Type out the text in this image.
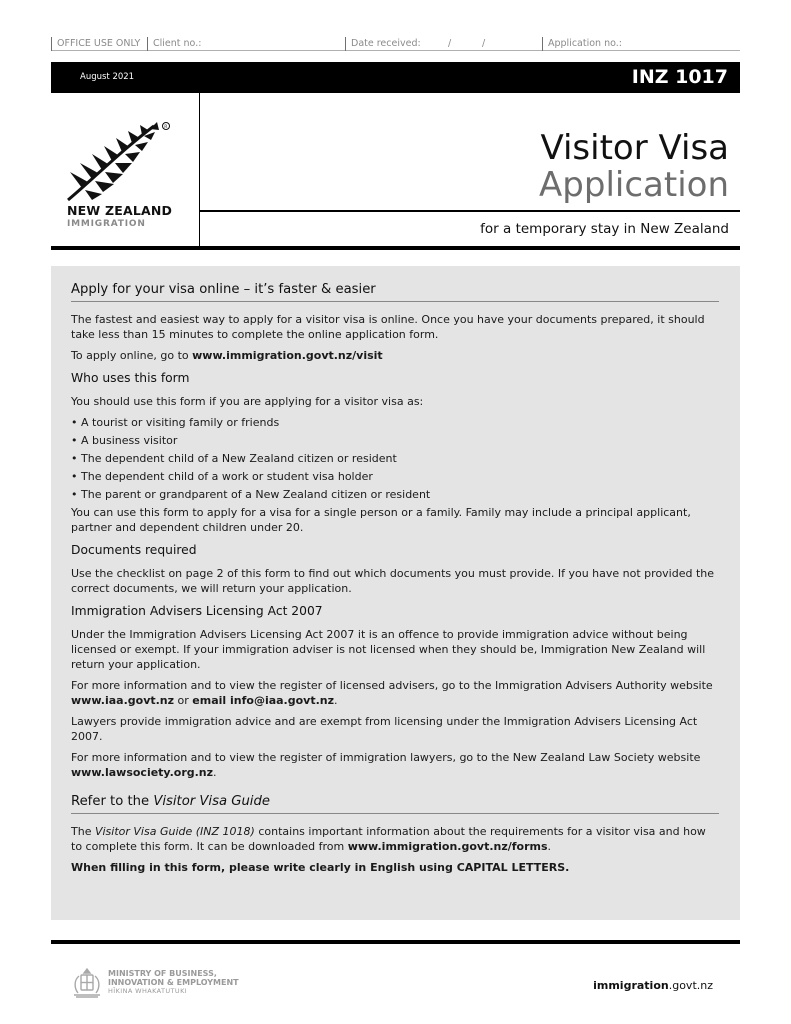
OFFICE USE ONLY	Client no.:	Date received:	/	/	Application no.:
August 2021	INZ 1017
R
NEW ZEALAND
IMMIGRATION
Visitor Visa
Application
for a temporary stay in New Zealand
Apply for your visa online – it’s faster & easier

The fastest and easiest way to apply for a visitor visa is online. Once you have your documents prepared, it should take less than 15 minutes to complete the online application form.

To apply online, go to www.immigration.govt.nz/visit

Who uses this form

You should use this form if you are applying for a visitor visa as:

• A tourist or visiting family or friends
• A business visitor
• The dependent child of a New Zealand citizen or resident
• The dependent child of a work or student visa holder
• The parent or grandparent of a New Zealand citizen or resident

You can use this form to apply for a visa for a single person or a family. Family may include a principal applicant, partner and dependent children under 20.

Documents required

Use the checklist on page 2 of this form to find out which documents you must provide. If you have not provided the correct documents, we will return your application.

Immigration Advisers Licensing Act 2007

Under the Immigration Advisers Licensing Act 2007 it is an offence to provide immigration advice without being licensed or exempt. If your immigration adviser is not licensed when they should be, Immigration New Zealand will return your application.

For more information and to view the register of licensed advisers, go to the Immigration Advisers Authority website www.iaa.govt.nz or email info@iaa.govt.nz.

Lawyers provide immigration advice and are exempt from licensing under the Immigration Advisers Licensing Act 2007.

For more information and to view the register of immigration lawyers, go to the New Zealand Law Society website www.lawsociety.org.nz.

Refer to the Visitor Visa Guide

The Visitor Visa Guide (INZ 1018) contains important information about the requirements for a visitor visa and how to complete this form. It can be downloaded from www.immigration.govt.nz/forms.

When filling in this form, please write clearly in English using CAPITAL LETTERS.

MINISTRY OF BUSINESS,
INNOVATION & EMPLOYMENT
HĪKINA WHAKATUTUKI	immigration.govt.nz
